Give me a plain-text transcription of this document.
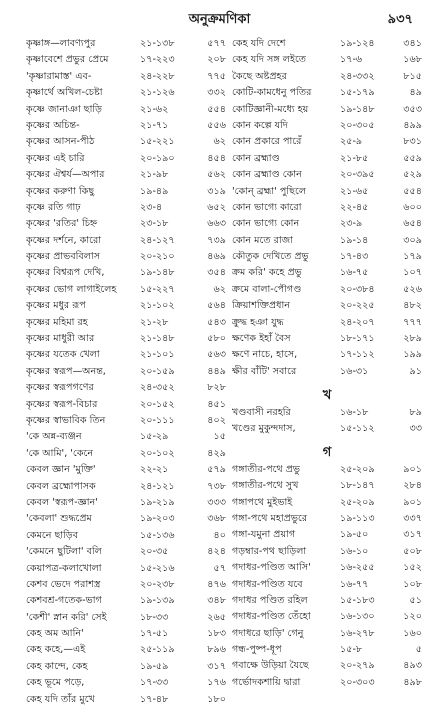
অনুক্রমণিকা	৯৩৭
কৃষ্ণাঙ্গ—লাবণ্যপুর	২১-১৩৮	৫৭৭
কৃষ্ণাবেশে প্রভুর প্রেমে	১৭-২২৩	২০৮
'কৃষ্ণারামাস্ত' এব-	২৪-২২৮	৭৭৫
কৃষ্ণার্থে অখিল-চেষ্টা	২১-১২৬	৩৩২
কৃষ্ণে জানাঞা ছাড়ি	২১-৬২	৫৫৪
কৃষ্ণের অচিন্ত-	২১-৭১	৫৫৬
কৃষ্ণের আসন-পীঠ	১৫-২২১	৬২
কৃষ্ণের এই চারি	২০-১৯০	৪৫৪
কৃষ্ণের ঐশ্বর্য—অপার	২১-৯৮	৫৬২
কৃষ্ণের করুণা কিছু	১৯-৪৯	৩১৯
কৃষ্ণে রতি গাঢ়	২৩-৪	৬৫২
কৃষ্ণের 'রতির' চিহ্ন	২৩-১৮	৬৬৩
কৃষ্ণের দর্শনে, কারো	২৪-১২৭	৭৩৯
কৃষ্ণের প্রাভববিলাস	২০-২১০	৪৬৯
কৃষ্ণের বিশ্বরূপ দেখি,	১৯-১৪৮	৩৫৪
কৃষ্ণের ভোগ লাগাইলেহ	১৫-২২৭	৬২
কৃষ্ণের মধুর রূপ	২১-১০২	৫৬৪
কৃষ্ণের মহিমা রহ	২১-২৮	৫৪৩
কৃষ্ণের মাধুরী আর	২১-১৪৮	৫৮০
কৃষ্ণের যতেক খেলা	২১-১০১	৫৬৩
কৃষ্ণের স্বরূপ—অনন্ত,	২০-১৫৯	৪৪৯
কৃষ্ণের স্বরূপগণের	২৪-৩৫২	৮২৮
কৃষ্ণের স্বরূপ-বিচার	২০-১৫২	৪৫১
কৃষ্ণের স্বাভাবিক তিন	২০-১১১	৪০২
'কে অন্ন-ব্যঞ্জন	১৫-২৯	১৫
'কে আমি', 'কেনে	২০-১০২	৪২৯
কেবল জ্ঞান 'মুক্তি'	২২-২১	৫৭৯
কেবল ব্রহ্মোপাসক	২৪-১২১	৭৩৮
কেবল 'স্বরূপ-জ্ঞান'	১৯-২১৯	৩৩৩
'কেবলা' শুদ্ধপ্রেম	১৯-২০৩	৩৬৮
কেমনে ছাড়িব	১৫-১৩৬	৪০
'কেমনে ছুটিলা' বলি	২০-৩৫	৪২৪
কেয়াপত্র-কলাখোলা	১৫-২১৬	৫৭
কেশব ভেদে পরাশস্ত্র	২০-২৩৮	৪৭৬
কেশবশ্র-গতেক-ভাগ	১৯-১৩৯	৩৪৮
'কেশী' স্নান করি' সেই	১৮-৩৩	২৬৫
কেহ অম আনি'	১৭-৫১	১৮৩
কেহ কহে,—এই	২৫-১১৯	৮৯৬
কেহ কান্দে, কেহ	১৯-৫৯	৩১৭
কেহ ভূমে পড়ে,	১৭-৩৩	১৭৬
কেহ যদি তাঁর মুখে	১৭-৪৮	১৮০
কেহ যদি দেশে	১৯-১২৪	৩৪১
কেহ যদি সঙ্গ লইতে	১৭-৬	১৬৮
কৈছে অষ্টপ্রহর	২৪-৩৩২	৮১৫
কোটি-কামধেনু পতির	১৫-১৭৯	৪৯
কোটিজ্ঞানী-মধ্যে হয়	১৯-১৪৮	৩৫৩
কোন কল্পে যদি	২০-৩০৫	৪৯৯
কোন প্রকারে পারেঁ	২৫-৯	৮৩১
কোন ব্রহ্মাণ্ড	২১-৮৫	৫৫৯
কোন ব্রহ্মাণ্ড কোন	২০-৩৯৫	৫২৯
'কোন্ ব্রহ্মা' পুছিলে	২১-৬৫	৫৫৪
কোন ভাগ্যে কারো	২২-৪৫	৬০০
কোন ভাগ্যে কোন	২৩-৯	৬৫৪
কোন মতে রাজা	১৯-১৪	৩০৯
কৌতুক দেখিতে প্রভু	১৭-৪৩	১৭৯
ক্রম করি' কহে প্রভু	১৬-৭৫	১০৭
ক্রমে বালা-পৌগণ্ড	২০-৩৮৪	৫২৬
ক্রিয়াশক্তিপ্রধান	২০-২২৫	৪৮২
ক্রুদ্ধ হঞা যুদ্ধ	২৪-২০৭	৭৭৭
ক্ষণেক ইহাঁ বৈস	১৮-১৭১	২৮৯
ক্ষণে নাচে, হাসে,	১৭-১১২	১৯৯
ক্ষীর বাঁটি' সবারে	১৬-৩১	৯১
খ
খণ্ডবাসী নরহরি	১৬-১৮	৮৯
খণ্ডের মুকুন্দদাস,	১৫-১১২	৩৩
গ
গঙ্গাতীর-পথে প্রভু	২৫-২০৯	৯০১
গঙ্গাতীর-পথে সুখ	১৮-১৪৭	২৮৪
গঙ্গাপথে মুইভাই	২৫-২০৯	৯০১
গঙ্গা-পথে মহাপ্রভুরে	১৯-১১৩	৩৩৭
গঙ্গা-যমুনা প্রয়াগ	১৯-৫০	৩১৭
গড়ম্বার-পথ ছাড়িলা	১৬-১০	৫০৮
গদাধর-পণ্ডিত আসি'	১৬-২৫৫	১৫২
গদাধর-পণ্ডিত যবে	১৬-৭৭	১০৮
গদাধর পণ্ডিত রহিল	১৫-১৮৩	৫১
গদাধর-পণ্ডিত তেঁহো	১৬-১৩০	১২০
গদাধরে ছাড়ি' গেনু	১৬-২৭৮	১৬০
গন্ধ-পুষ্প-ধূপ	১৫-৮	৫
গবাক্ষে উড়িয়া যৈছে	২০-২৭৯	৪৯৩
গর্ভোদকশায়ি দ্বারা	২০-৩০৩	৪৯৮
